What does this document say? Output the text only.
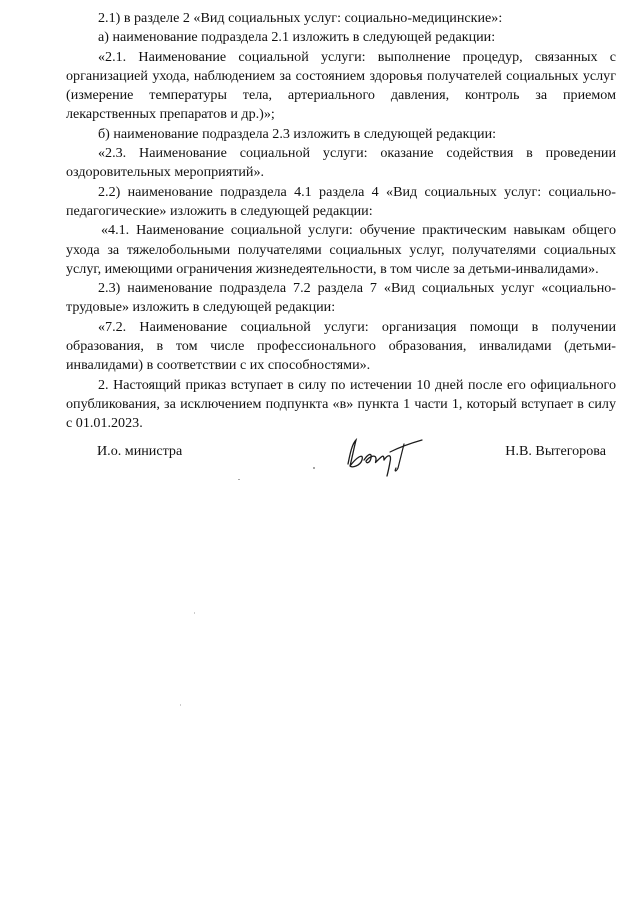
2.1) в разделе 2 «Вид социальных услуг: социально-медицинские»:

а) наименование подраздела 2.1 изложить в следующей редакции:

«2.1. Наименование социальной услуги: выполнение процедур, связанных с организацией ухода, наблюдением за состоянием здоровья получателей социальных услуг (измерение температуры тела, артериального давления, контроль за приемом лекарственных препаратов и др.)»;

б) наименование подраздела 2.3 изложить в следующей редакции:

«2.3. Наименование социальной услуги: оказание содействия в проведении оздоровительных мероприятий».

2.2) наименование подраздела 4.1 раздела 4 «Вид социальных услуг: социально-педагогические» изложить в следующей редакции:

«4.1. Наименование социальной услуги: обучение практическим навыкам общего ухода за тяжелобольными получателями социальных услуг, получателями социальных услуг, имеющими ограничения жизнедеятельности, в том числе за детьми-инвалидами».

2.3) наименование подраздела 7.2 раздела 7 «Вид социальных услуг «социально-трудовые» изложить в следующей редакции:

«7.2. Наименование социальной услуги: организация помощи в получении образования, в том числе профессионального образования, инвалидами (детьми-инвалидами) в соответствии с их способностями».

2. Настоящий приказ вступает в силу по истечении 10 дней после его официального опубликования, за исключением подпункта «в» пункта 1 части 1, который вступает в силу с 01.01.2023.

И.о. министра	Н.В. Вытегорова
